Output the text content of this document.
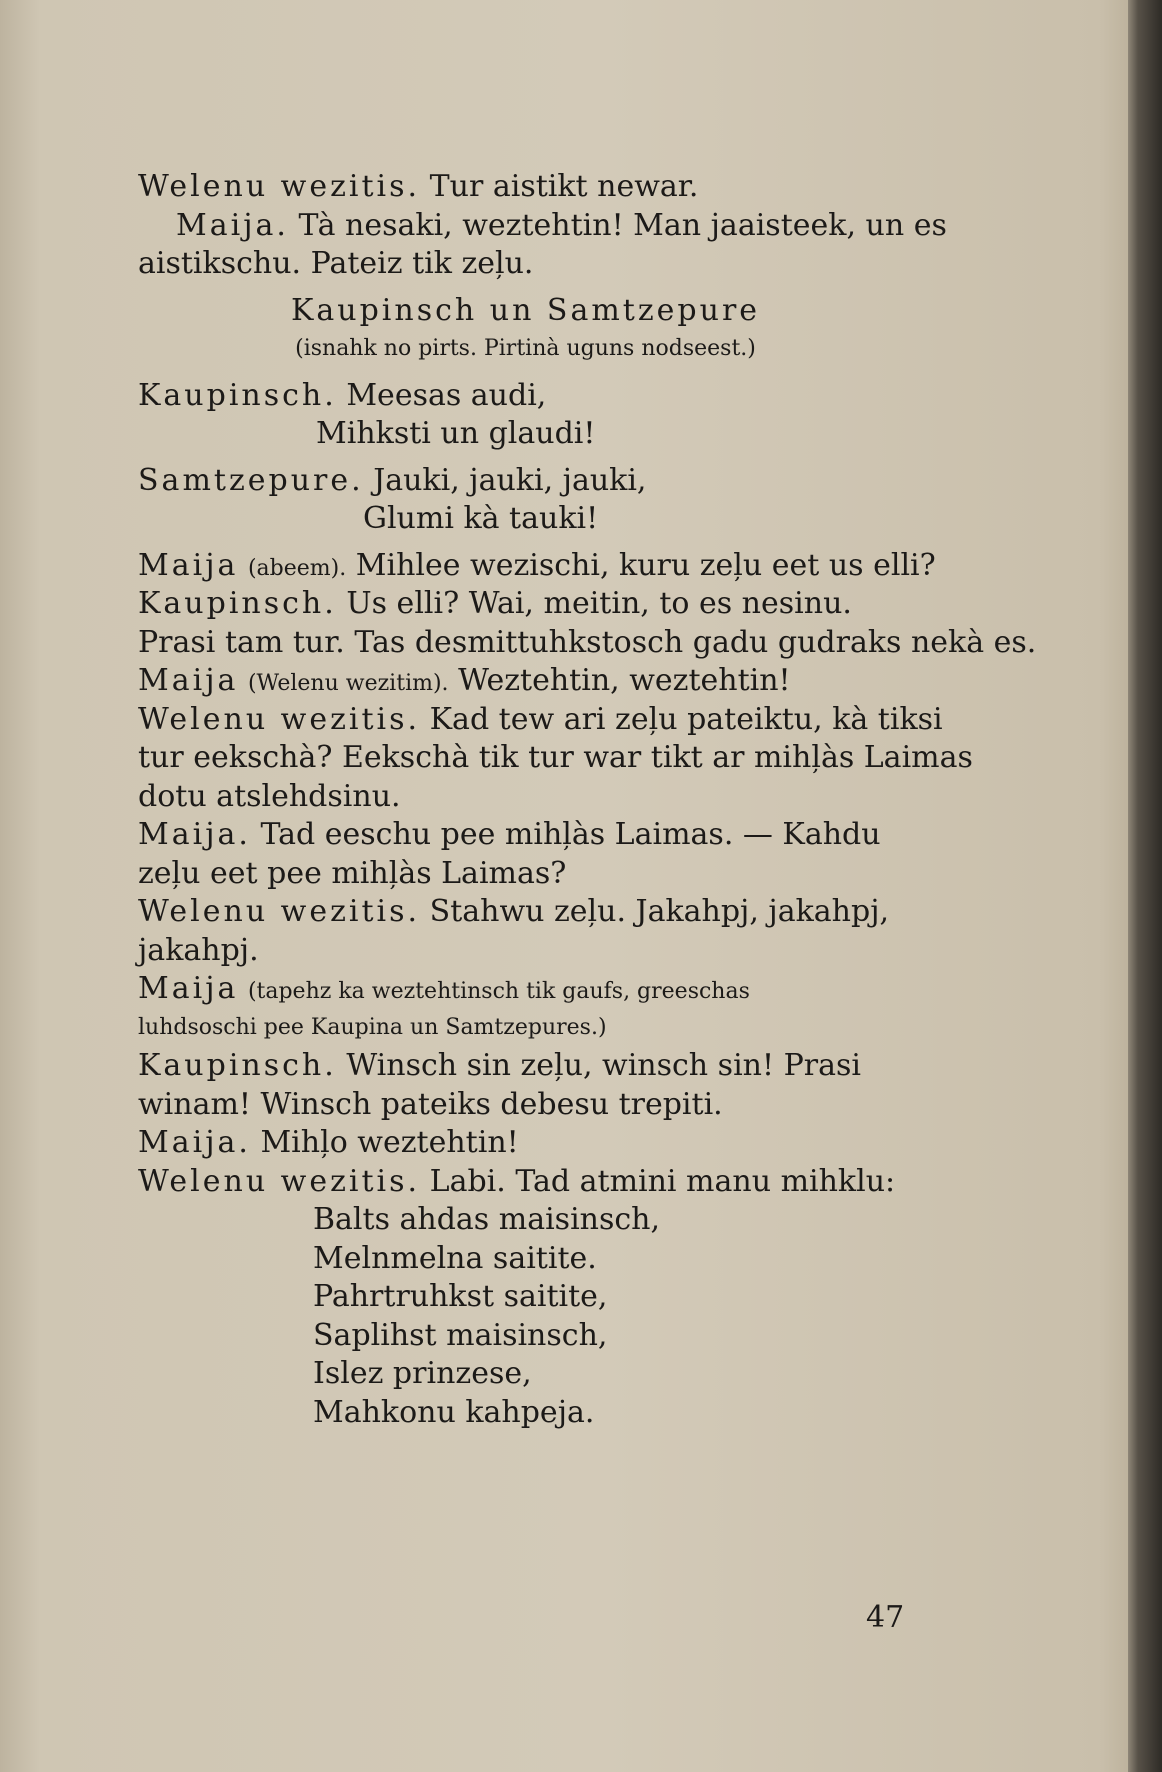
Welenu wezitis. Tur aistikt newar.
Maija. Tà nesaki, weztehtin! Man jaaisteek, un es
aistikschu. Pateiz tik zeļu.
Kaupinsch un Samtzepure
(isnahk no pirts. Pirtinà uguns nodseest.)
Kaupinsch. Meesas audi,
Mihksti un glaudi!
Samtzepure. Jauki, jauki, jauki,
Glumi kà tauki!
Maija (abeem). Mihlee wezischi, kuru zeļu eet us elli?
Kaupinsch. Us elli? Wai, meitin, to es nesinu.
Prasi tam tur. Tas desmittuhkstosch gadu gudraks nekà es.
Maija (Welenu wezitim). Weztehtin, weztehtin!
Welenu wezitis. Kad tew ari zeļu pateiktu, kà tiksi
tur eekschà? Eekschà tik tur war tikt ar mihļàs Laimas
dotu atslehdsinu.
Maija. Tad eeschu pee mihļàs Laimas. — Kahdu
zeļu eet pee mihļàs Laimas?
Welenu wezitis. Stahwu zeļu. Jakahpj, jakahpj,
jakahpj.
Maija (tapehz ka weztehtinsch tik gaufs, greeschas
luhdsoschi pee Kaupina un Samtzepures.)
Kaupinsch. Winsch sin zeļu, winsch sin! Prasi
winam! Winsch pateiks debesu trepiti.
Maija. Mihļo weztehtin!
Welenu wezitis. Labi. Tad atmini manu mihklu:
Balts ahdas maisinsch,
Melnmelna saitite.
Pahrtruhkst saitite,
Saplihst maisinsch,
Islez prinzese,
Mahkonu kahpeja.
47
